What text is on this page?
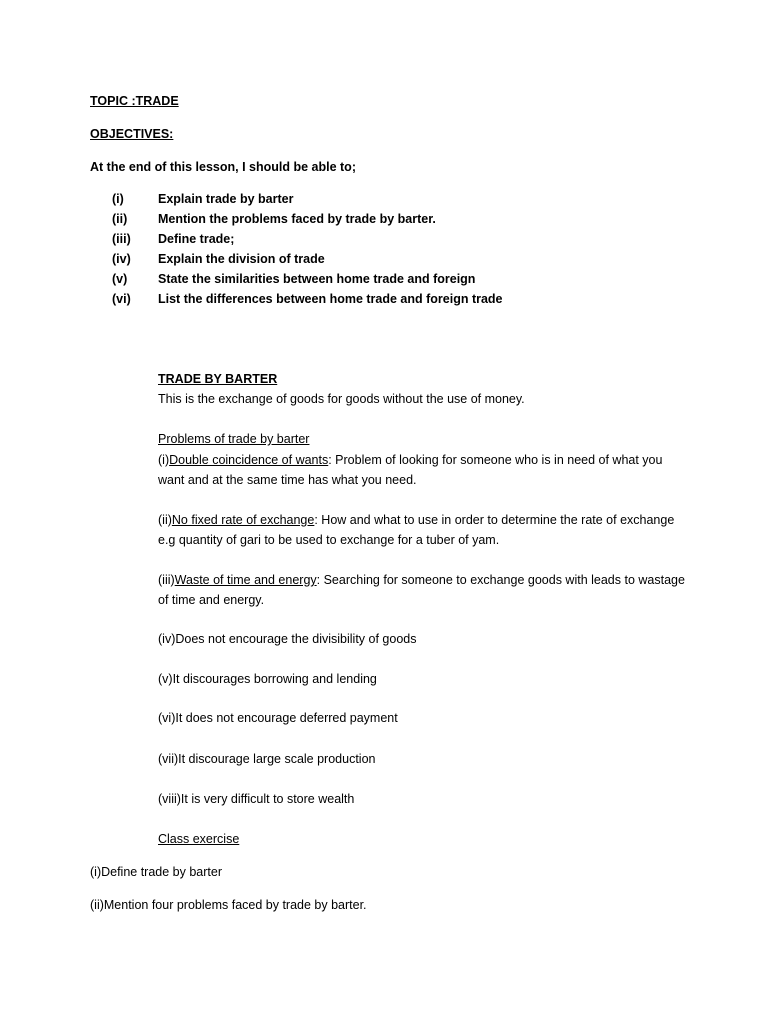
TOPIC :TRADE
OBJECTIVES:
At the end of this lesson, I should be able to;
(i)	Explain trade by barter
(ii) Mention the problems faced by trade by barter.
(iii) Define trade;
(iv) Explain the division of trade
(v) State the similarities between home trade and foreign
(vi) List the differences between home trade and foreign trade
TRADE BY BARTER
This is the exchange of goods for goods without the use of money.
Problems of trade by barter
(i)Double coincidence of wants: Problem of looking for someone who is in need of what you want and at the same time has what you need.
(ii)No fixed rate of exchange: How and what to use in order to determine the rate of exchange e.g quantity of gari to be used to exchange for a tuber of yam.
(iii)Waste of time and energy: Searching for someone to exchange goods with leads to wastage of time and energy.
(iv)Does not encourage the divisibility of goods
(v)It discourages borrowing and lending
(vi)It does not encourage deferred payment
(vii)It discourage large scale production
(viii)It is very difficult to store wealth
Class exercise
(i)Define trade by barter
(ii)Mention four problems faced by trade by barter.
